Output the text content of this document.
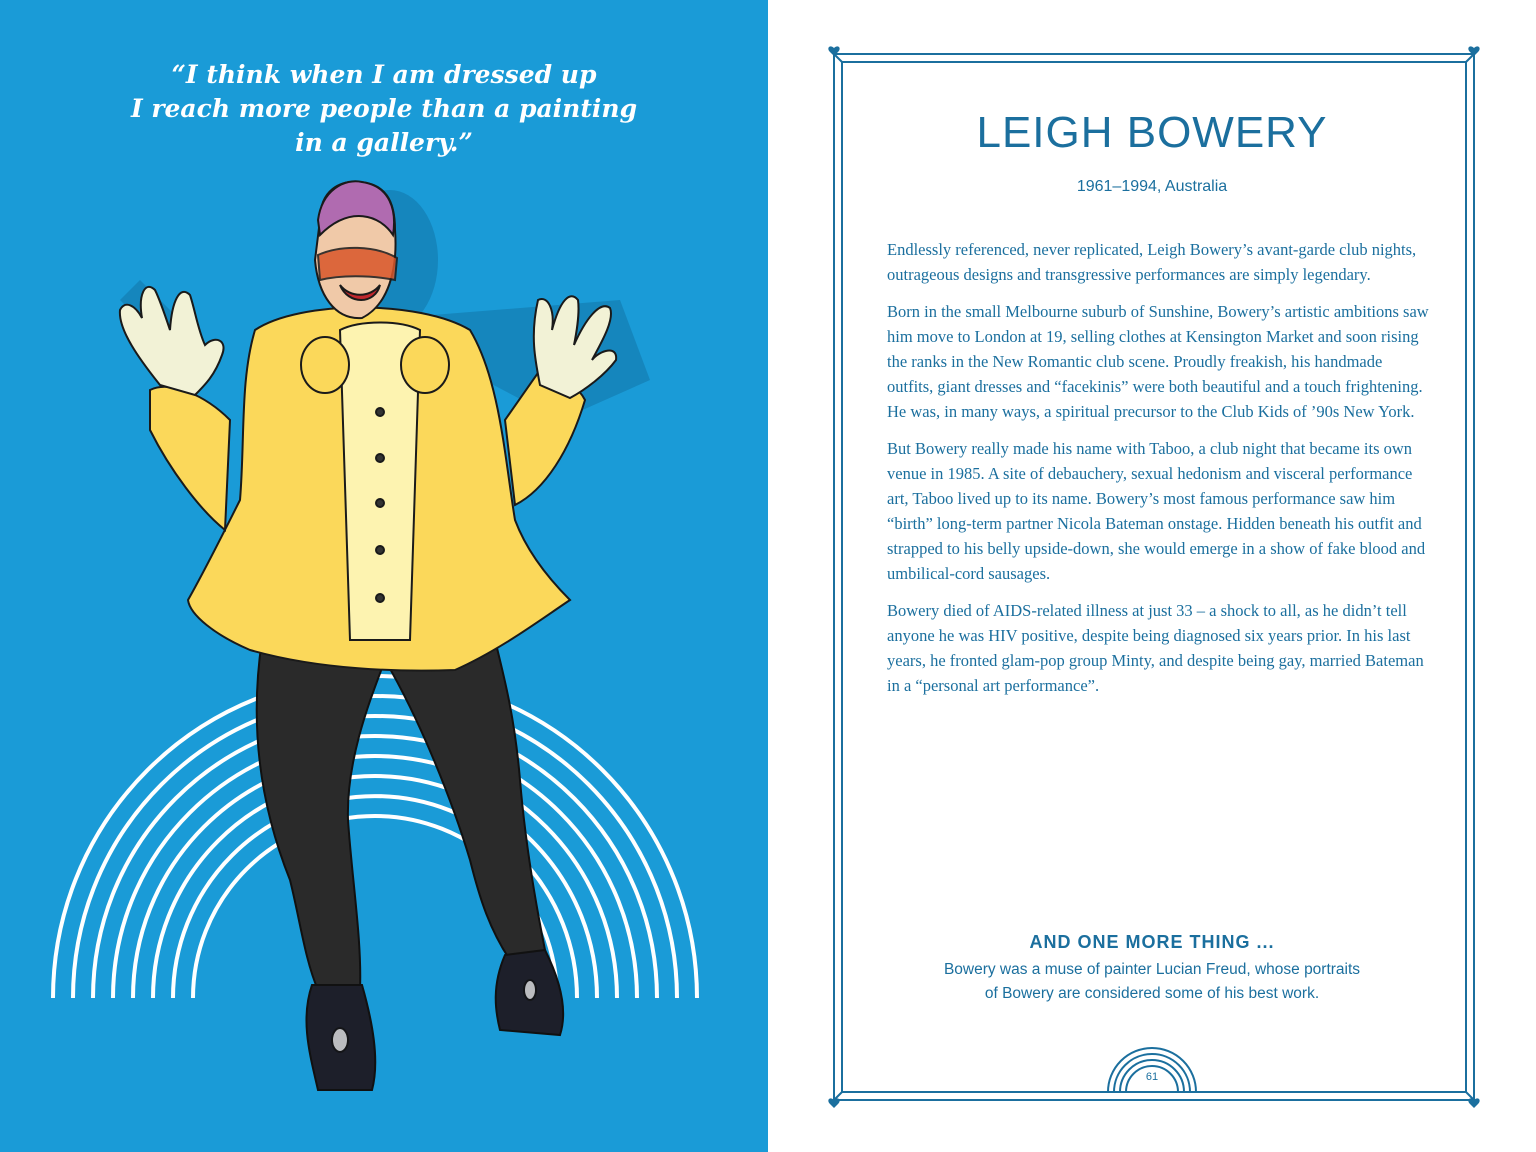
“I think when I am dressed up
I reach more people than a painting
in a gallery.”	LEIGH BOWERY
1961–1994, Australia

Endlessly referenced, never replicated, Leigh Bowery’s avant-garde club nights, outrageous designs and transgressive performances are simply legendary.

Born in the small Melbourne suburb of Sunshine, Bowery’s artistic ambitions saw him move to London at 19, selling clothes at Kensington Market and soon rising the ranks in the New Romantic club scene. Proudly freakish, his handmade outfits, giant dresses and “facekinis” were both beautiful and a touch frightening. He was, in many ways, a spiritual precursor to the Club Kids of ’90s New York.

But Bowery really made his name with Taboo, a club night that became its own venue in 1985. A site of debauchery, sexual hedonism and visceral performance art, Taboo lived up to its name. Bowery’s most famous performance saw him “birth” long-term partner Nicola Bateman onstage. Hidden beneath his outfit and strapped to his belly upside-down, she would emerge in a show of fake blood and umbilical-cord sausages.

Bowery died of AIDS-related illness at just 33 – a shock to all, as he didn’t tell anyone he was HIV positive, despite being diagnosed six years prior. In his last years, he fronted glam-pop group Minty, and despite being gay, married Bateman in a “personal art performance”.

AND ONE MORE THING ...
Bowery was a muse of painter Lucian Freud, whose portraits
of Bowery are considered some of his best work.
61
